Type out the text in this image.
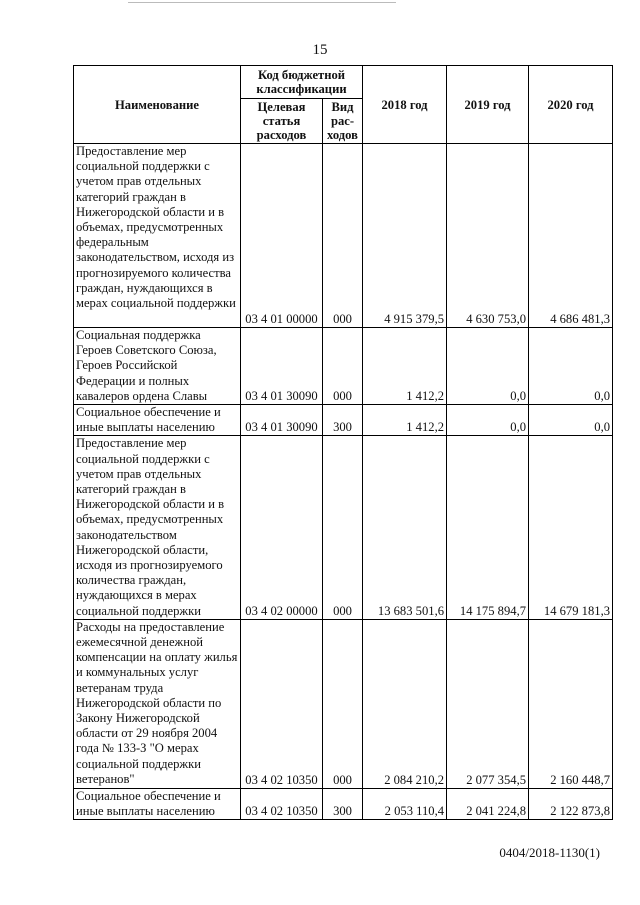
15
Наименование	Код бюджетной классификации		2018 год	2019 год	2020 год
	Целевая статья расходов	Вид рас-ходов			
Предоставление мер социальной поддержки с учетом прав отдельных категорий граждан в Нижегородской области и в объемах, предусмотренных федеральным законодательством, исходя из прогнозируемого количества граждан, нуждающихся в мерах социальной поддержки	03 4 01 00000	000	4 915 379,5	4 630 753,0	4 686 481,3
Социальная поддержка Героев Советского Союза, Героев Российской Федерации и полных кавалеров ордена Славы	03 4 01 30090	000	1 412,2	0,0	0,0
Социальное обеспечение и иные выплаты населению	03 4 01 30090	300	1 412,2	0,0	0,0
Предоставление мер социальной поддержки с учетом прав отдельных категорий граждан в Нижегородской области и в объемах, предусмотренных законодательством Нижегородской области, исходя из прогнозируемого количества граждан, нуждающихся в мерах социальной поддержки	03 4 02 00000	000	13 683 501,6	14 175 894,7	14 679 181,3
Расходы на предоставление ежемесячной денежной компенсации на оплату жилья и коммунальных услуг ветеранам труда Нижегородской области по Закону Нижегородской области от 29 ноября 2004 года № 133-З "О мерах социальной поддержки ветеранов"	03 4 02 10350	000	2 084 210,2	2 077 354,5	2 160 448,7
Социальное обеспечение и иные выплаты населению	03 4 02 10350	300	2 053 110,4	2 041 224,8	2 122 873,8
0404/2018-1130(1)
